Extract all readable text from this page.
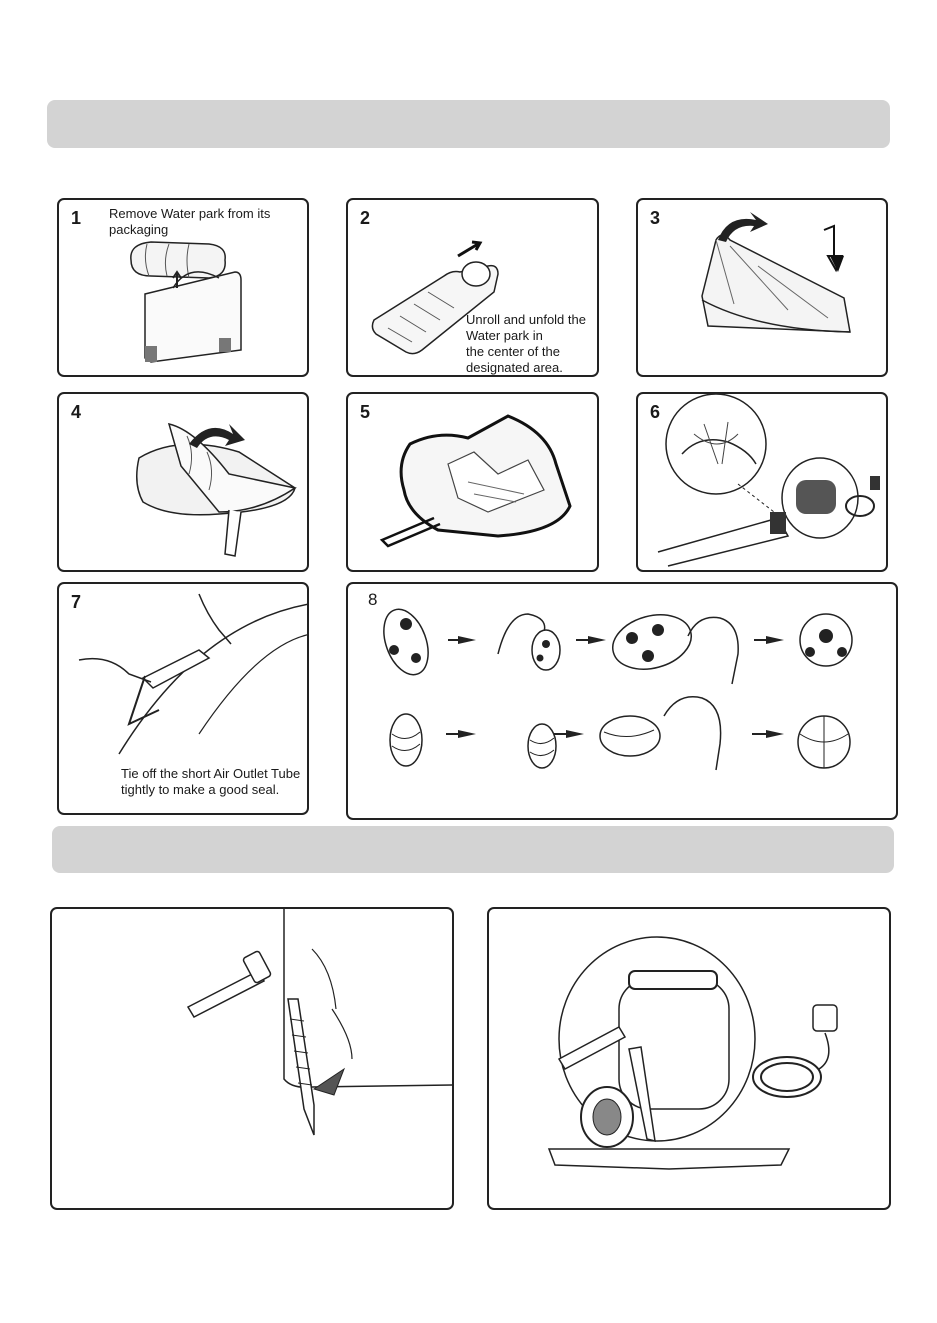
1 Remove Water park from its
packaging
2
Unroll and unfold the
Water park in
the center of the
designated area.
3
4	5	6
7
Tie off the short Air Outlet Tube
tightly to make a good seal.
8
